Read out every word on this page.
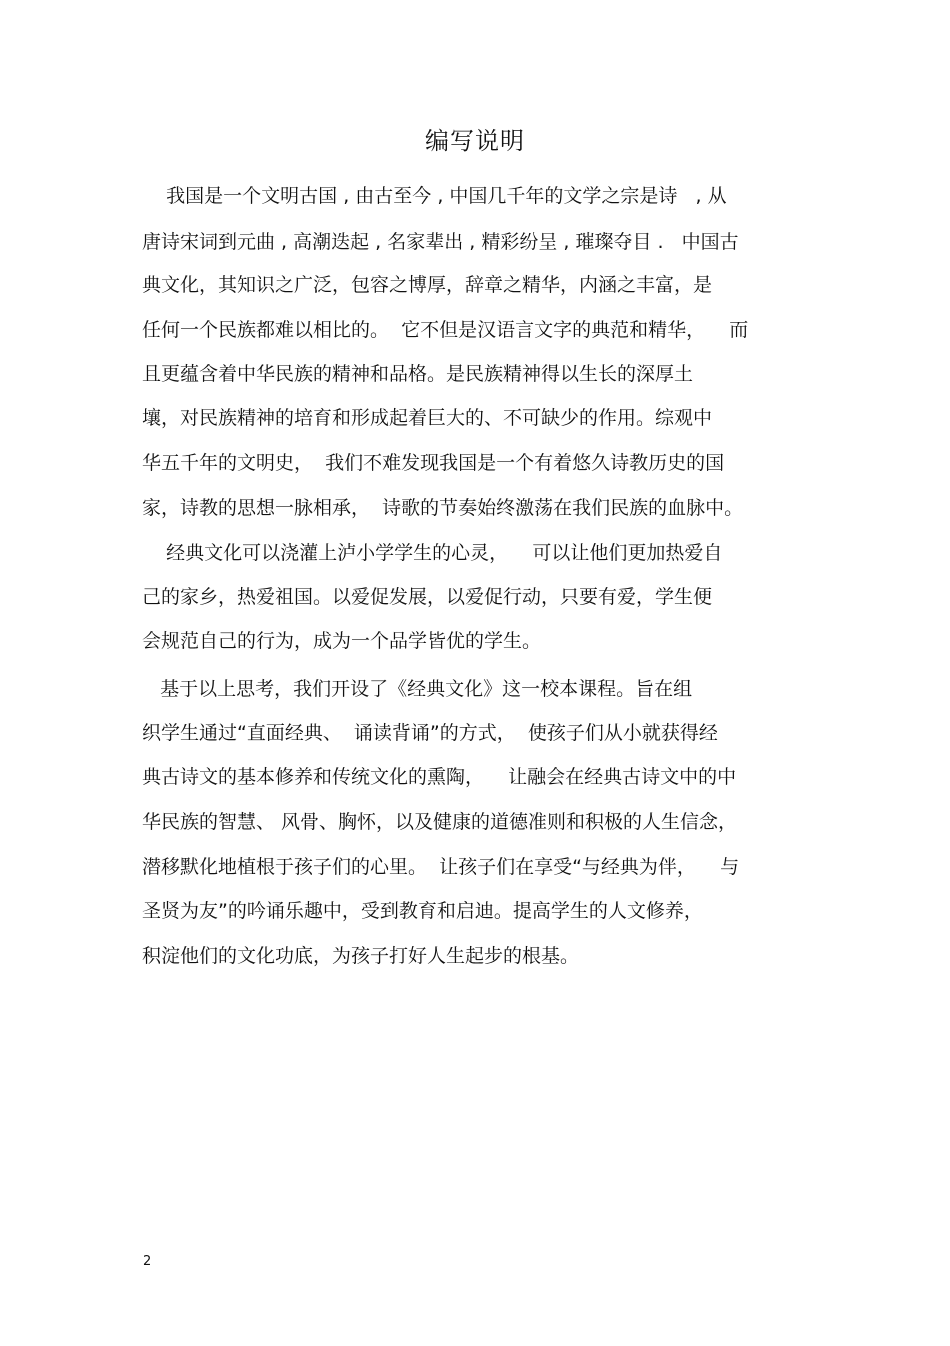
编写说明
我国是一个文明古国 , 由古至今 , 中国几千年的文学之宗是诗   , 从
唐诗宋词到元曲 , 高潮迭起 , 名家辈出 , 精彩纷呈 , 璀璨夺目 .   中国古
典文化，其知识之广泛，包容之博厚，辞章之精华，内涵之丰富，是
任何一个民族都难以相比的。  它不但是汉语言文字的典范和精华，    而
且更蕴含着中华民族的精神和品格。是民族精神得以生长的深厚土
壤，对民族精神的培育和形成起着巨大的、不可缺少的作用。综观中
华五千年的文明史，  我们不难发现我国是一个有着悠久诗教历史的国
家，诗教的思想一脉相承，  诗歌的节奏始终激荡在我们民族的血脉中。
经典文化可以浇灌上泸小学学生的心灵，    可以让他们更加热爱自
己的家乡，热爱祖国。以爱促发展，以爱促行动，只要有爱，学生便
会规范自己的行为，成为一个品学皆优的学生。
基于以上思考，我们开设了《经典文化》这一校本课程。旨在组
织学生通过“直面经典、  诵读背诵”的方式，  使孩子们从小就获得经
典古诗文的基本修养和传统文化的熏陶，    让融会在经典古诗文中的中
华民族的智慧、 风骨、胸怀，以及健康的道德准则和积极的人生信念，
潜移默化地植根于孩子们的心里。  让孩子们在享受“与经典为伴，    与
圣贤为友”的吟诵乐趣中，受到教育和启迪。提高学生的人文修养，
积淀他们的文化功底，为孩子打好人生起步的根基。
2
